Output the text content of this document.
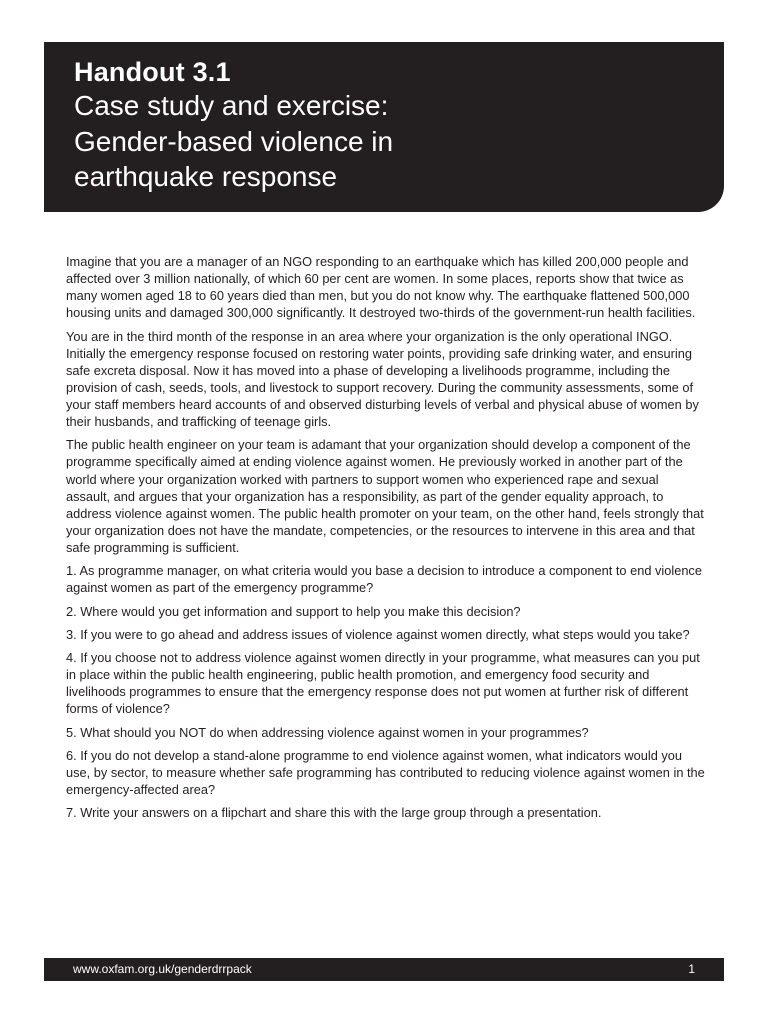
Handout 3.1
Case study and exercise:
Gender-based violence in
earthquake response

Imagine that you are a manager of an NGO responding to an earthquake which has killed 200,000 people and affected over 3 million nationally, of which 60 per cent are women. In some places, reports show that twice as many women aged 18 to 60 years died than men, but you do not know why. The earthquake flattened 500,000 housing units and damaged 300,000 significantly. It destroyed two-thirds of the government-run health facilities.

You are in the third month of the response in an area where your organization is the only operational INGO. Initially the emergency response focused on restoring water points, providing safe drinking water, and ensuring safe excreta disposal. Now it has moved into a phase of developing a livelihoods programme, including the provision of cash, seeds, tools, and livestock to support recovery. During the community assessments, some of your staff members heard accounts of and observed disturbing levels of verbal and physical abuse of women by their husbands, and trafficking of teenage girls.

The public health engineer on your team is adamant that your organization should develop a component of the programme specifically aimed at ending violence against women. He previously worked in another part of the world where your organization worked with partners to support women who experienced rape and sexual assault, and argues that your organization has a responsibility, as part of the gender equality approach, to address violence against women. The public health promoter on your team, on the other hand, feels strongly that your organization does not have the mandate, competencies, or the resources to intervene in this area and that safe programming is sufficient.

1. As programme manager, on what criteria would you base a decision to introduce a component to end violence against women as part of the emergency programme?

2. Where would you get information and support to help you make this decision?

3. If you were to go ahead and address issues of violence against women directly, what steps would you take?

4. If you choose not to address violence against women directly in your programme, what measures can you put in place within the public health engineering, public health promotion, and emergency food security and livelihoods programmes to ensure that the emergency response does not put women at further risk of different forms of violence?

5. What should you NOT do when addressing violence against women in your programmes?

6. If you do not develop a stand-alone programme to end violence against women, what indicators would you use, by sector, to measure whether safe programming has contributed to reducing violence against women in the emergency-affected area?

7. Write your answers on a flipchart and share this with the large group through a presentation.

www.oxfam.org.uk/genderdrrpack	1
